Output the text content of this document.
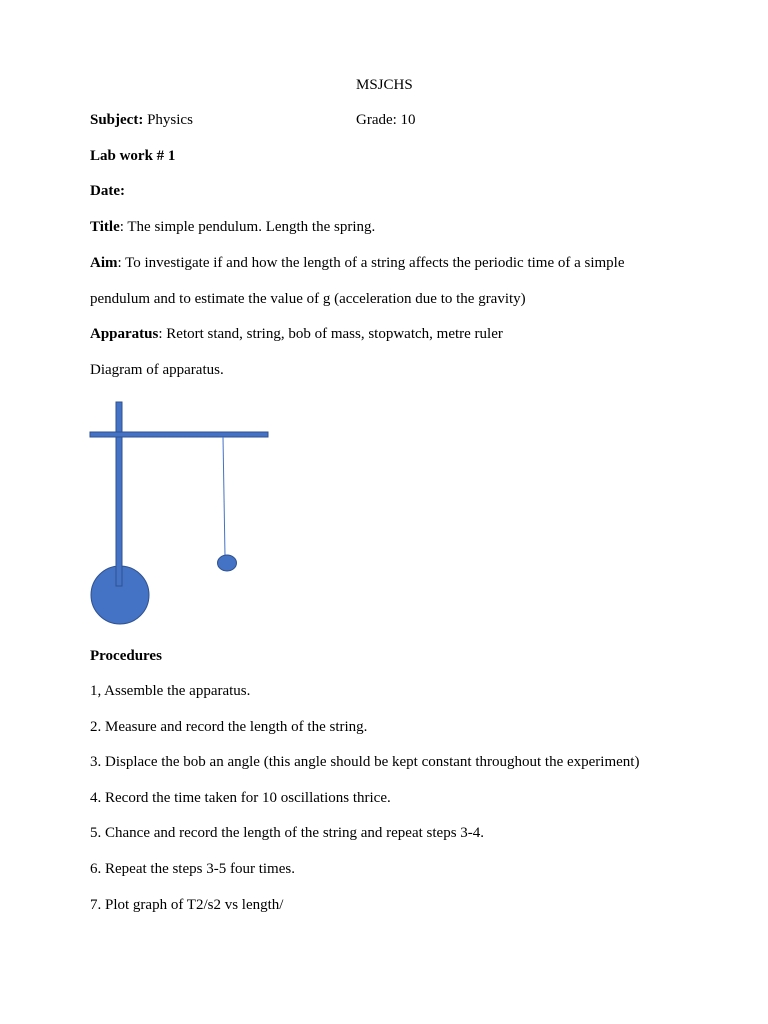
MSJCHS
Subject: Physics	Grade: 10
Lab work # 1
Date:
Title: The simple pendulum. Length the spring.
Aim: To investigate if and how the length of a string affects the periodic time of a simple
pendulum and to estimate the value of g (acceleration due to the gravity)
Apparatus: Retort stand, string, bob of mass, stopwatch, metre ruler
Diagram of apparatus.
Procedures
1, Assemble the apparatus.
2. Measure and record the length of the string.
3. Displace the bob an angle (this angle should be kept constant throughout the experiment)
4. Record the time taken for 10 oscillations thrice.
5. Chance and record the length of the string and repeat steps 3-4.
6. Repeat the steps 3-5 four times.
7. Plot graph of T2/s2 vs length/
